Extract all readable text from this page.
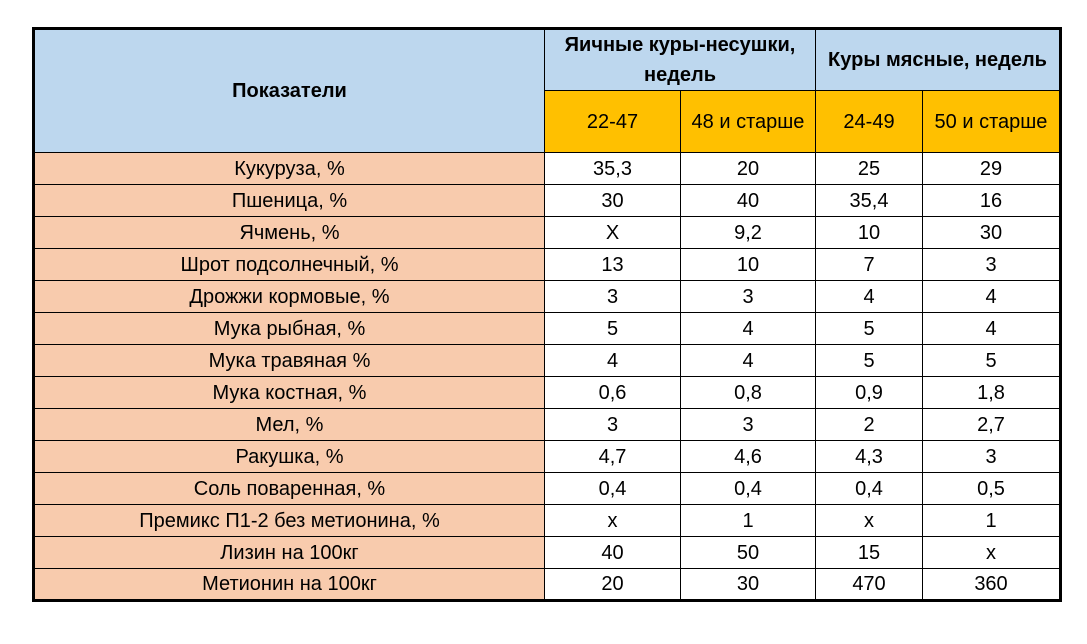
Показатели	Яичные куры-несушки, недель		Куры мясные, недель	
	22-47	48 и старше	24-49	50 и старше
Кукуруза, %	35,3	20	25	29
Пшеница, %	30	40	35,4	16
Ячмень, %	Х	9,2	10	30
Шрот подсолнечный, %	13	10	7	3
Дрожжи кормовые, %	3	3	4	4
Мука рыбная, %	5	4	5	4
Мука травяная %	4	4	5	5
Мука костная, %	0,6	0,8	0,9	1,8
Мел, %	3	3	2	2,7
Ракушка, %	4,7	4,6	4,3	3
Соль поваренная, %	0,4	0,4	0,4	0,5
Премикс П1-2 без метионина, %	х	1	х	1
Лизин на 100кг	40	50	15	х
Метионин на 100кг	20	30	470	360
